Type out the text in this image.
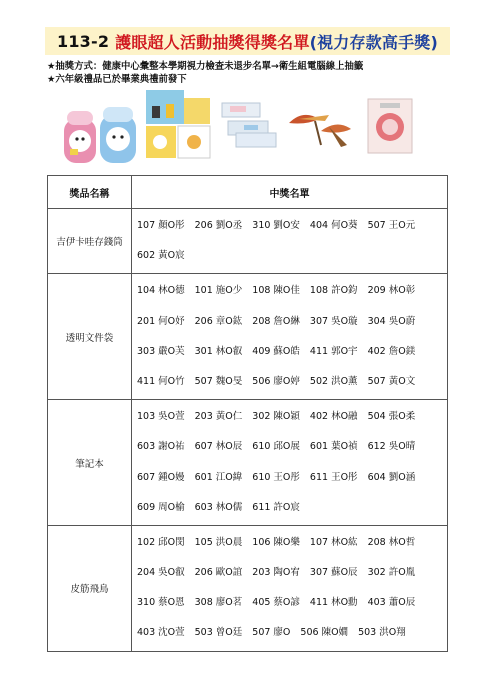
113-2 護眼超人活動抽獎得獎名單 (視力存款高手獎)
★抽獎方式：健康中心彙整本學期視力檢查未退步名單→衛生組電腦線上抽籤
★六年級禮品已於畢業典禮前發下
獎品名稱	中獎名單
吉伊卡哇存錢筒	107 顏O彤 206 劉O丞 310 劉O安 404 何O葵 507 王O元
602 黃O宸

透明文件袋	104 林O德 101 施O少 108 陳O佳 108 許O鈞 209 林O彰
201 何O妤 206 章O鈜 208 詹O綝 307 吳O璇 304 吳O蔚
303 嚴O芙 301 林O叡 409 蘇O皓 411 郭O宇 402 詹O鎂
411 何O竹 507 魏O旻 506 廖O婷 502 洪O薰 507 黃O文

筆記本	103 吳O萱 203 黃O仁 302 陳O穎 402 林O融 504 張O柔
603 謝O祐 607 林O辰 610 邱O展 601 葉O禎 612 吳O晴
607 鍾O嫚 601 江O緯 610 王O彤 611 王O彤 604 劉O涵
609 周O榆 603 林O儒 611 許O宸

皮筋飛鳥	102 邱O閔 105 洪O晨 106 陳O樂 107 林O紘 208 林O哲
204 吳O叡 206 歐O誼 203 陶O宥 307 蘇O辰 302 許O胤
310 蔡O恩 308 廖O茗 405 蔡O諺 411 林O勳 403 蕭O辰
403 沈O萱 503 曾O廷 507 廖O 506 陳O嫺 503 洪O翔
